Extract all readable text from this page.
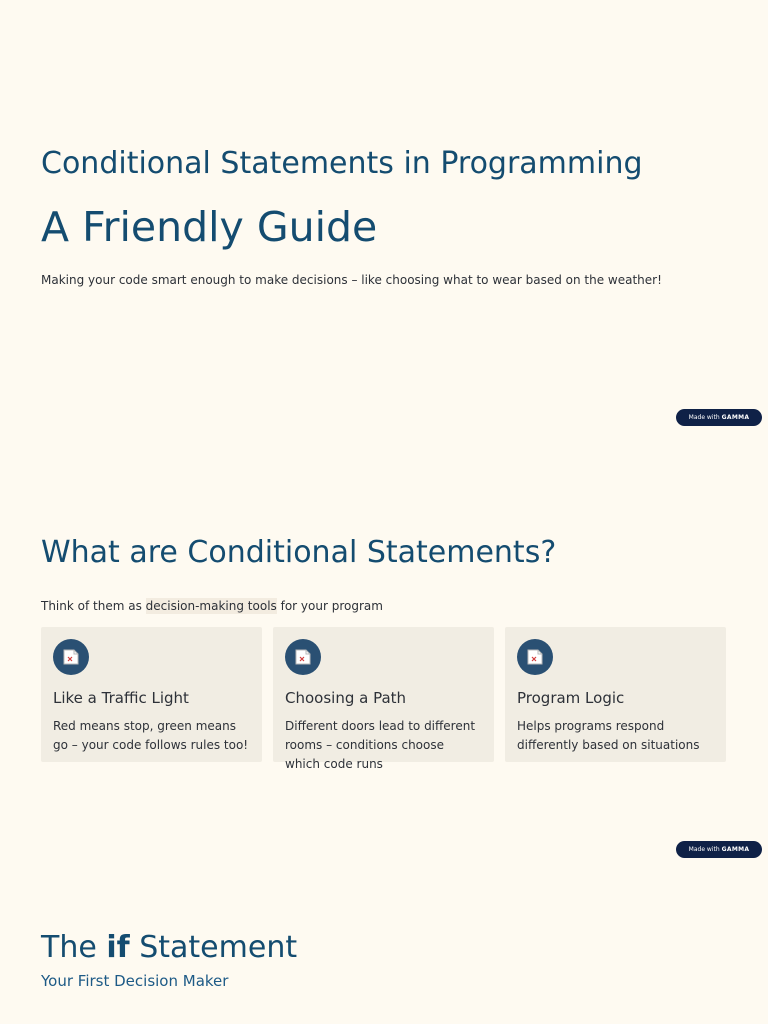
Conditional Statements in Programming
A Friendly Guide
Making your code smart enough to make decisions – like choosing what to wear based on the weather!
Made with GAMMA
What are Conditional Statements?
Think of them as decision-making tools for your program
Like a Traffic Light
Red means stop, green means go – your code follows rules too!
Choosing a Path
Different doors lead to different rooms – conditions choose which code runs
Program Logic
Helps programs respond differently based on situations
Made with GAMMA
The if Statement
Your First Decision Maker
